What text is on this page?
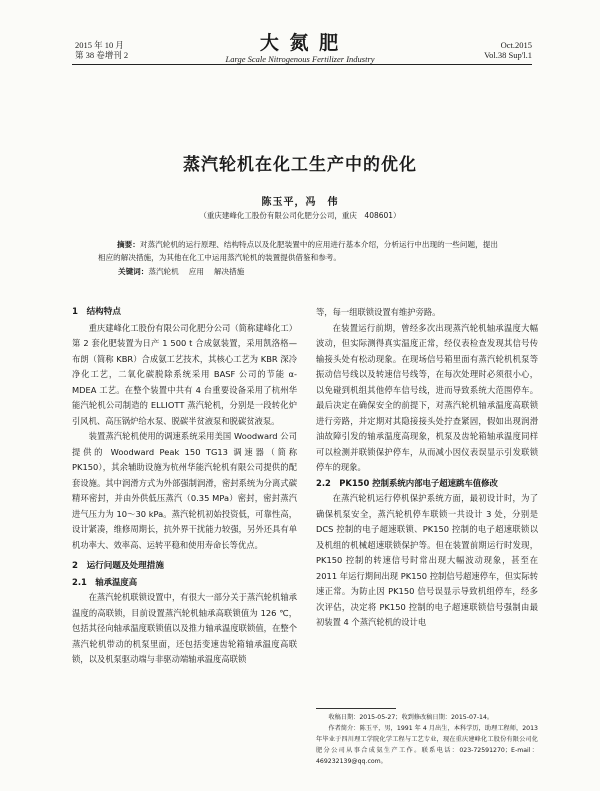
2015 年 10 月
第 38 卷增刊 2
大 氮 肥
Large Scale Nitrogenous Fertilizer Industry
Oct.2015
Vol.38 Sup'l.1
蒸汽轮机在化工生产中的优化
陈玉平，冯　伟
（重庆建峰化工股份有限公司化肥分公司，重庆　408601）
摘要：对蒸汽轮机的运行原理、结构特点以及化肥装置中的应用进行基本介绍，分析运行中出现的一些问题，提出相应的解决措施，为其他在化工中运用蒸汽轮机的装置提供借鉴和参考。
关键词：蒸汽轮机 应用 解决措施
1　结构特点

重庆建峰化工股份有限公司化肥分公司（简称建峰化工）第 2 套化肥装置为日产 1 500 t 合成氨装置，采用凯洛格—布朗（简称 KBR）合成氨工艺技术，其核心工艺为 KBR 深冷净化工艺，二氧化碳脱除系统采用 BASF 公司的节能 α-MDEA 工艺。在整个装置中共有 4 台重要设备采用了杭州华能汽轮机公司制造的 ELLIOTT 蒸汽轮机，分别是一段转化炉引风机、高压锅炉给水泵、脱碳半贫液泵和脱碳贫液泵。

装置蒸汽轮机使用的调速系统采用美国 Woodward 公司提供的 Woodward Peak 150 TG13 调速器（简称 PK150），其余辅助设施为杭州华能汽轮机有限公司提供的配套设施。其中润滑方式为外部强制润滑，密封系统为分离式碳精环密封，并由外供低压蒸汽（0.35 MPa）密封，密封蒸汽进气压力为 10～30 kPa。蒸汽轮机初始投资低，可靠性高，设计紧凑，维修周期长，抗外界干扰能力较强，另外还具有单机功率大、效率高、运转平稳和使用寿命长等优点。

2　运行问题及处理措施
2.1　轴承温度高

在蒸汽轮机联锁设置中，有很大一部分关于蒸汽轮机轴承温度的高联锁，目前设置蒸汽轮机轴承高联锁值为 126 ℃，包括其径向轴承温度联锁值以及推力轴承温度联锁值，在整个蒸汽轮机带动的机泵里面，还包括变速齿轮箱轴承温度高联锁，以及机泵驱动端与非驱动端轴承温度高联锁

等，每一组联锁设置有维护旁路。

在装置运行前期，曾经多次出现蒸汽轮机轴承温度大幅波动，但实际测得真实温度正常，经仪表检查发现其信号传输接头处有松动现象。在现场信号箱里面有蒸汽轮机机泵等振动信号线以及转速信号线等，在每次处理时必须很小心，以免碰到机组其他停车信号线，进而导致系统大范围停车。最后决定在确保安全的前提下，对蒸汽轮机轴承温度高联锁进行旁路，并定期对其隐接接头处拧查紧固，假如出现润滑油故障引发的轴承温度高现象，机泵及齿轮箱轴承温度同样可以检测并联锁保护停车，从而减小因仪表误显示引发联锁停车的现象。

2.2　PK150 控制系统内部电子超速跳车值修改

在蒸汽轮机运行停机保护系统方面，最初设计时，为了确保机泵安全，蒸汽轮机停车联锁一共设计 3 处，分别是 DCS 控制的电子超速联锁、PK150 控制的电子超速联锁以及机组的机械超速联锁保护等。但在装置前期运行时发现，PK150 控制的转速信号时常出现大幅波动现象，甚至在 2011 年运行期间出现 PK150 控制信号超速停车，但实际转速正常。为防止因 PK150 信号误显示导致机组停车，经多次评估，决定将 PK150 控制的电子超速联锁信号强制由最初装置 4 个蒸汽轮机的设计电

收稿日期：2015-05-27；收到修改稿日期：2015-07-14。

作者简介：陈玉平，男，1991 年 4 月出生，本科学历，助理工程师，2013 年毕业于四川理工学院化学工程与工艺专业，现在重庆建峰化工股份有限公司化肥分公司从事合成氨生产工作。联系电话：023-72591270；E-mail：469232139@qq.com。
